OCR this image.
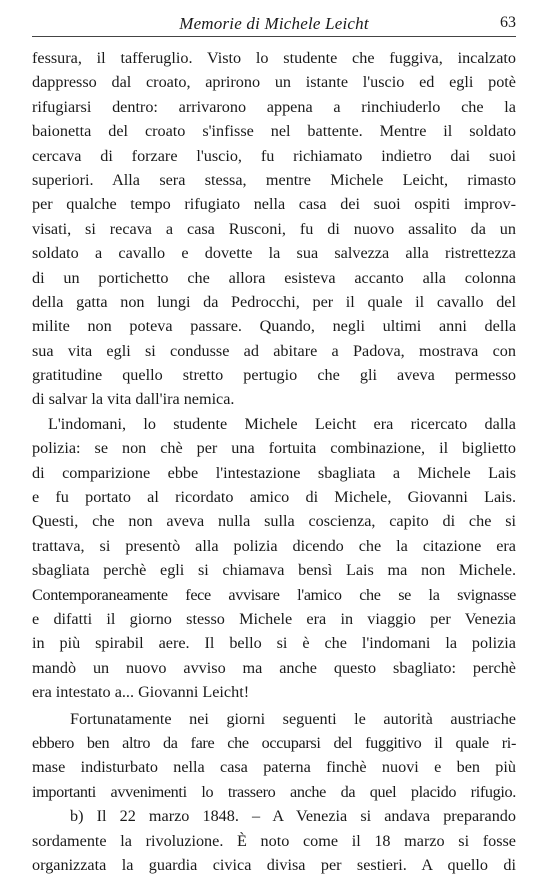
Memorie di Michele Leicht	63
fessura, il tafferuglio. Visto lo studente che fuggiva, incalzato
dappresso dal croato, aprirono un istante l'uscio ed egli potè
rifugiarsi dentro: arrivarono appena a rinchiuderlo che la
baionetta del croato s'infisse nel battente. Mentre il soldato
cercava di forzare l'uscio, fu richiamato indietro dai suoi
superiori. Alla sera stessa, mentre Michele Leicht, rimasto
per qualche tempo rifugiato nella casa dei suoi ospiti improv-
visati, si recava a casa Rusconi, fu di nuovo assalito da un
soldato a cavallo e dovette la sua salvezza alla ristrettezza
di un portichetto che allora esisteva accanto alla colonna
della gatta non lungi da Pedrocchi, per il quale il cavallo del
milite non poteva passare. Quando, negli ultimi anni della
sua vita egli si condusse ad abitare a Padova, mostrava con
gratitudine quello stretto pertugio che gli aveva permesso
di salvar la vita dall'ira nemica.
L'indomani, lo studente Michele Leicht era ricercato dalla
polizia: se non chè per una fortuita combinazione, il biglietto
di comparizione ebbe l'intestazione sbagliata a Michele Lais
e fu portato al ricordato amico di Michele, Giovanni Lais.
Questi, che non aveva nulla sulla coscienza, capito di che si
trattava, si presentò alla polizia dicendo che la citazione era
sbagliata perchè egli si chiamava bensì Lais ma non Michele.
Contemporaneamente fece avvisare l'amico che se la svignasse
e difatti il giorno stesso Michele era in viaggio per Venezia
in più spirabil aere. Il bello si è che l'indomani la polizia
mandò un nuovo avviso ma anche questo sbagliato: perchè
era intestato a... Giovanni Leicht!
Fortunatamente nei giorni seguenti le autorità austriache
ebbero ben altro da fare che occuparsi del fuggitivo il quale ri-
mase indisturbato nella casa paterna finchè nuovi e ben più
importanti avvenimenti lo trassero anche da quel placido rifugio.
b) Il 22 marzo 1848. – A Venezia si andava preparando
sordamente la rivoluzione. È noto come il 18 marzo si fosse
organizzata la guardia civica divisa per sestieri. A quello di
